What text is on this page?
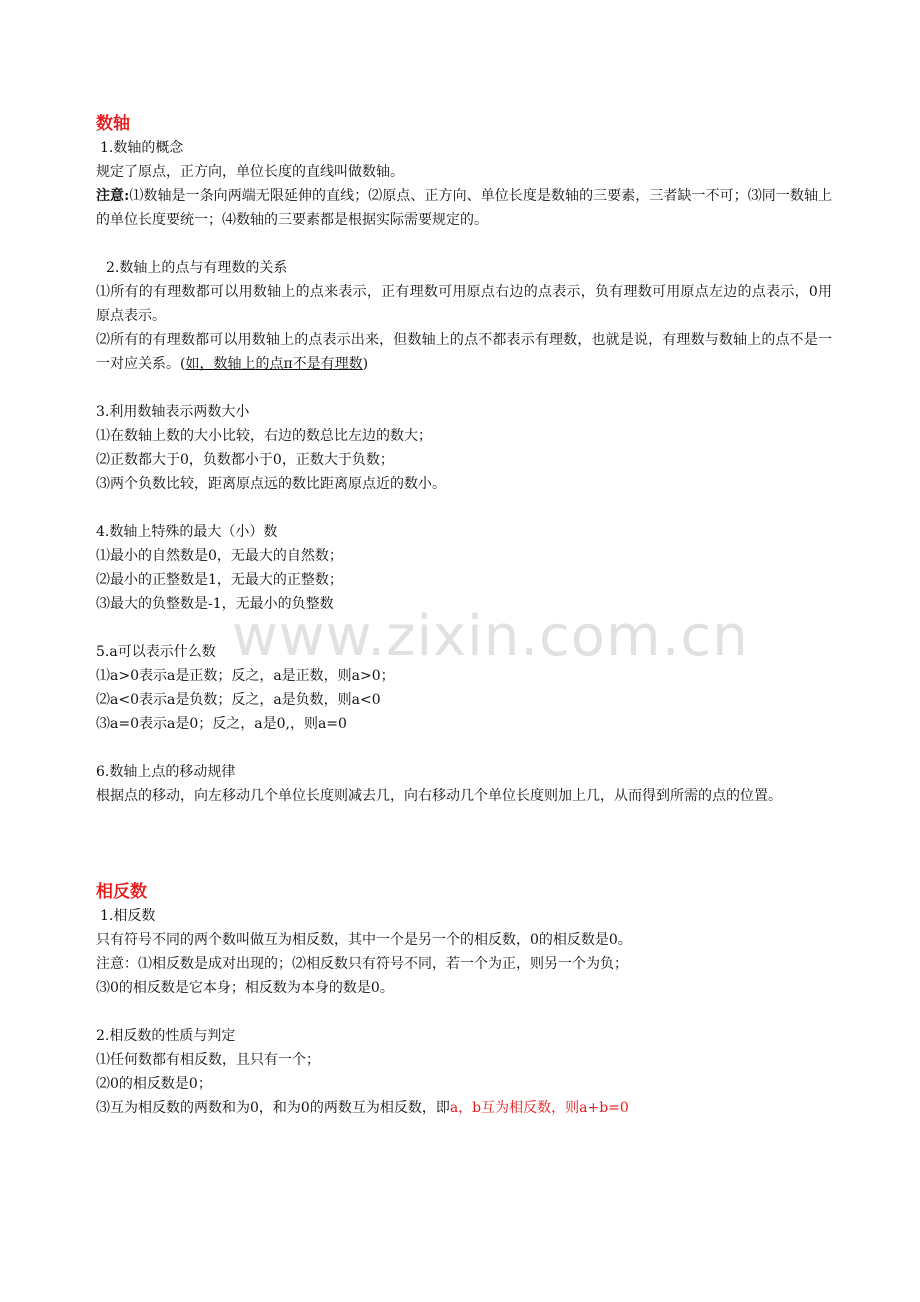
www.zixin.com.cn
数轴
1.数轴的概念
规定了原点，正方向，单位长度的直线叫做数轴。
注意:⑴数轴是一条向两端无限延伸的直线；⑵原点、正方向、单位长度是数轴的三要素，三者缺一不可；⑶同一数轴上的单位长度要统一；⑷数轴的三要素都是根据实际需要规定的。
2.数轴上的点与有理数的关系
⑴所有的有理数都可以用数轴上的点来表示，正有理数可用原点右边的点表示，负有理数可用原点左边的点表示，0用原点表示。
⑵所有的有理数都可以用数轴上的点表示出来，但数轴上的点不都表示有理数，也就是说，有理数与数轴上的点不是一一对应关系。(如，数轴上的点π不是有理数)
3.利用数轴表示两数大小
⑴在数轴上数的大小比较，右边的数总比左边的数大；
⑵正数都大于0，负数都小于0，正数大于负数；
⑶两个负数比较，距离原点远的数比距离原点近的数小。
4.数轴上特殊的最大（小）数
⑴最小的自然数是0，无最大的自然数；
⑵最小的正整数是1，无最大的正整数；
⑶最大的负整数是-1，无最小的负整数
5.a可以表示什么数
⑴a>0表示a是正数；反之，a是正数，则a>0；
⑵a<0表示a是负数；反之，a是负数，则a<0
⑶a=0表示a是0；反之，a是0,，则a=0
6.数轴上点的移动规律
根据点的移动，向左移动几个单位长度则减去几，向右移动几个单位长度则加上几，从而得到所需的点的位置。
相反数
1.相反数
只有符号不同的两个数叫做互为相反数，其中一个是另一个的相反数，0的相反数是0。
注意：⑴相反数是成对出现的；⑵相反数只有符号不同，若一个为正，则另一个为负；
⑶0的相反数是它本身；相反数为本身的数是0。
2.相反数的性质与判定
⑴任何数都有相反数，且只有一个；
⑵0的相反数是0；
⑶互为相反数的两数和为0，和为0的两数互为相反数，即a，b互为相反数，则a+b=0
